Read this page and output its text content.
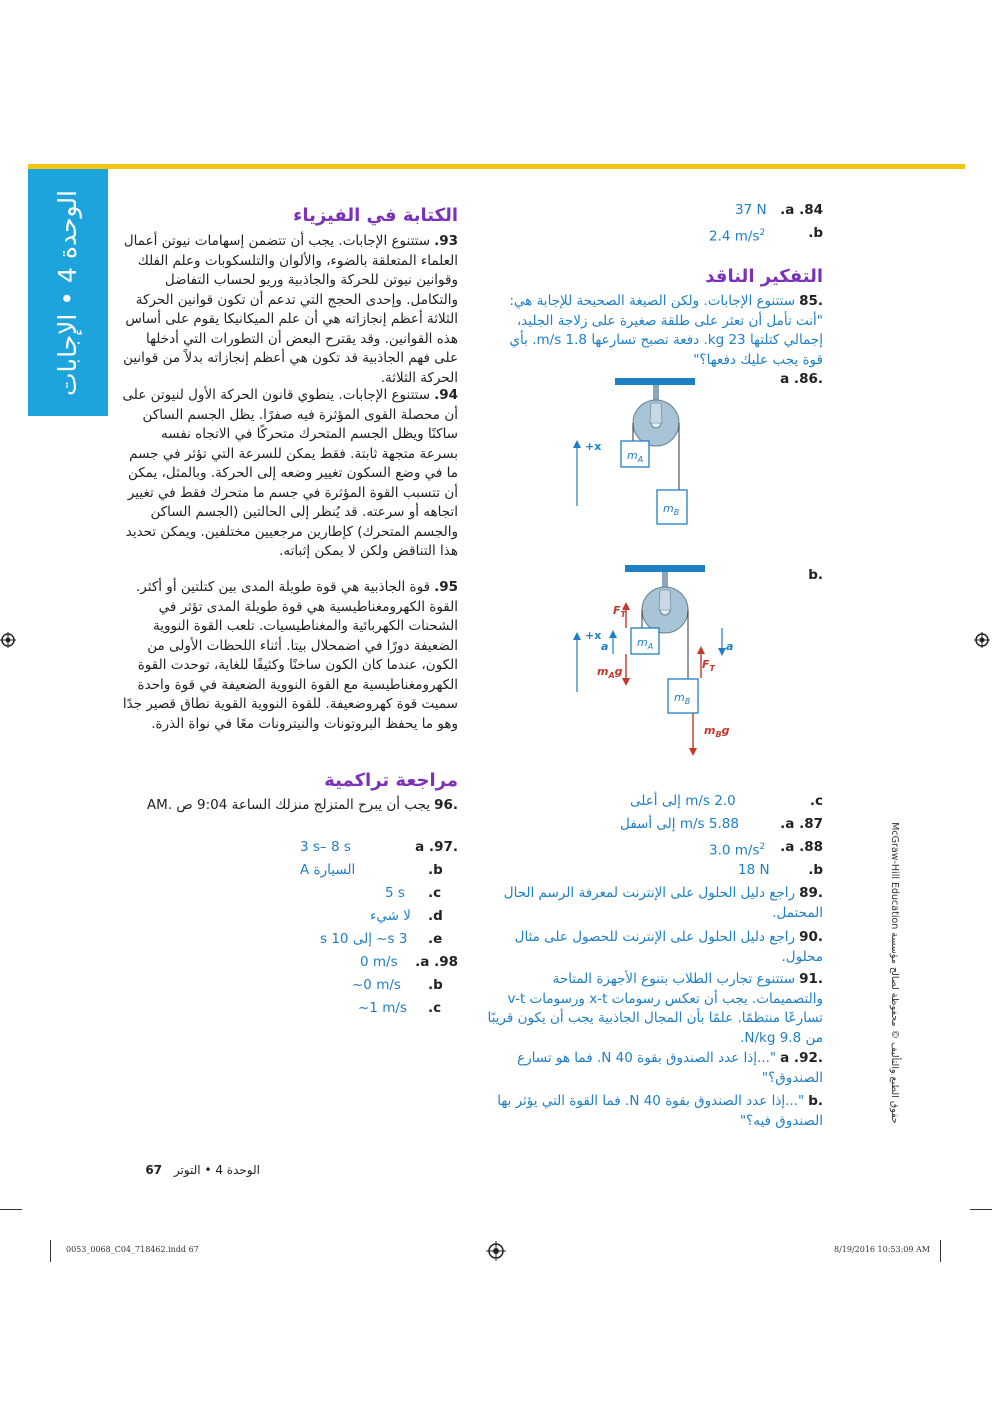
الوحدة 4 • الإجابات	الكتابة في الفيزياء
93.ستتنوع الإجابات. يجب أن تتضمن إسهامات نيوتن أعمال العلماء المتعلقة بالضوء، والألوان والتلسكوبات وعلم الفلك وقوانين نيوتن للحركة والجاذبية وريو لحساب التفاضل والتكامل. وإحدى الحجج التي تدعم أن تكون قوانين الحركة الثلاثة أعظم إنجازاته هي أن علم الميكانيكا يقوم على أساس هذه القوانين. وقد يقترح البعض أن التطورات التي أدخلها على فهم الجاذبية قد تكون هي أعظم إنجازاته بدلاً من قوانين الحركة الثلاثة.
94.ستتنوع الإجابات. ينطوي قانون الحركة الأول لنيوتن على أن محصلة القوى المؤثرة فيه صفرًا. يظل الجسم الساكن ساكنًا ويظل الجسم المتحرك متحركًا في الاتجاه نفسه بسرعة متجهة ثابتة. فقط يمكن للسرعة التي تؤثر في جسم ما في وضع السكون تغيير وضعه إلى الحركة. وبالمثل، يمكن أن تتسبب القوة المؤثرة في جسم ما متحرك فقط في تغيير اتجاهه أو سرعته. قد يُنظر إلى الحالتين (الجسم الساكن والجسم المتحرك) كإطارين مرجعيين مختلفين. ويمكن تحديد هذا التناقض ولكن لا يمكن إثباته.
95.قوة الجاذبية هي قوة طويلة المدى بين كتلتين أو أكثر. القوة الكهرومغناطيسية هي قوة طويلة المدى تؤثر في الشحنات الكهربائية والمغناطيسيات. تلعب القوة النووية الضعيفة دورًا في اضمحلال بيتا. أثناء اللحظات الأولى من الكون، عندما كان الكون ساخنًا وكثيفًا للغاية، توحدت القوة الكهرومغناطيسية مع القوة النووية الضعيفة في قوة واحدة سميت قوة كهروضعيفة. للقوة النووية القوية نطاق قصير جدًا وهو ما يحفظ البروتونات والنيترونات معًا في نواة الذرة.
مراجعة تراكمية
.96يجب أن يبرح المتزلج منزلك الساعة 9:04 ص .AM
3 s– 8 s	.a .97
السيارة A	.b
5 s .c
لا شيء .d
3 s~ إلى 10 s .e
0 m/s .a .98
~0 m/s .b
~1 m/s .c
37 N .a .84
2.4 $m/s^2$	.b
التفكير الناقد
.85ستتنوع الإجابات. ولكن الصيغة الصحيحة للإجابة هي: "أنت تأمل أن تعثر على طلقة صغيرة على زلاجة الجليد، إجمالي كتلتها 23 kg. دفعة تصبح تسارعها 1.8 m/s. بأي قوة يجب عليك دفعها؟"
.a .86
$m_A$
$m_B$
+x
.b
$m_A$
$m_B$
$F_T$
$m_Ag$
a
$F_T$
a
$m_Bg$
+x
2.0 m/s إلى أعلى	.c
5.88 m/s إلى أسفل	.a .87
3.0 $m/s^2$ .a .88
18 N	.b
.89راجع دليل الحلول على الإنترنت لمعرفة الرسم الحال المحتمل.
.90راجع دليل الحلول على الإنترنت للحصول على مثال محلول.
.91ستتنوع تجارب الطلاب بتنوع الأجهزة المتاحة والتصميمات. يجب أن تعكس رسومات x-t ورسومات v-t تسارعًا منتظمًا. علمًا بأن المجال الجاذبية يجب أن يكون قريبًا من 9.8 N/kg.
.a .92"...إذا عدد الصندوق بقوة 40 N. فما هو تسارع الصندوق؟"
.b"...إذا عدد الصندوق بقوة 40 N. فما القوة التي يؤثر بها الصندوق فيه؟"
حقوق الطبع والتأليف © محفوظة لصالح مؤسسة McGraw-Hill Education
الوحدة 4 • التوتر 67
0053_0068_C04_718462.indd 67	8/19/2016 10:53:09 AM
